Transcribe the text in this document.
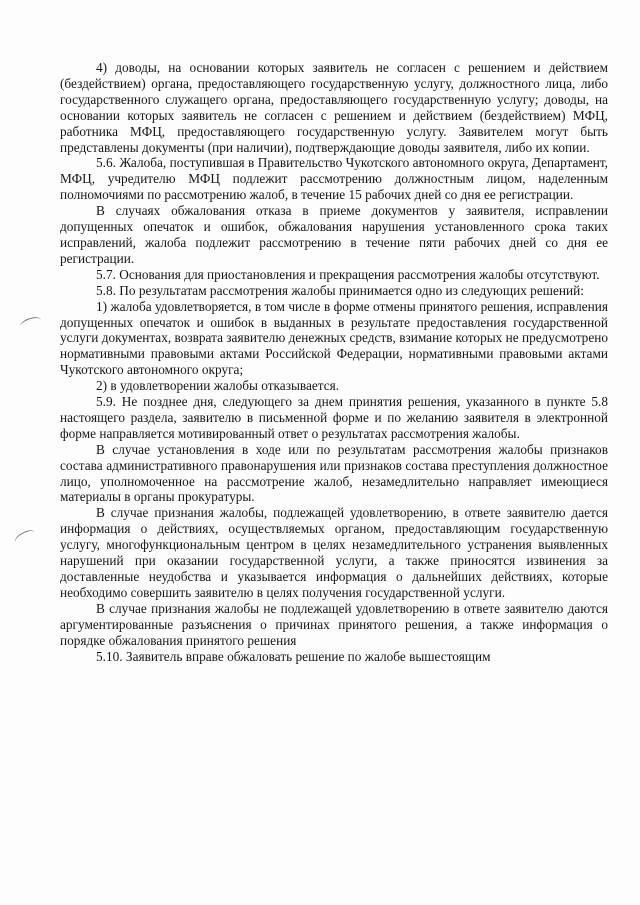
4) доводы, на основании которых заявитель не согласен с решением и действием (бездействием) органа, предоставляющего государственную услугу, должностного лица, либо государственного служащего органа, предоставляющего государственную услугу; доводы, на основании которых заявитель не согласен с решением и действием (бездействием) МФЦ, работника МФЦ, предоставляющего государственную услугу. Заявителем могут быть представлены документы (при наличии), подтверждающие доводы заявителя, либо их копии.

5.6. Жалоба, поступившая в Правительство Чукотского автономного округа, Департамент, МФЦ, учредителю МФЦ подлежит рассмотрению должностным лицом, наделенным полномочиями по рассмотрению жалоб, в течение 15 рабочих дней со дня ее регистрации.

В случаях обжалования отказа в приеме документов у заявителя, исправлении допущенных опечаток и ошибок, обжалования нарушения установленного срока таких исправлений, жалоба подлежит рассмотрению в течение пяти рабочих дней со дня ее регистрации.

5.7. Основания для приостановления и прекращения рассмотрения жалобы отсутствуют.

5.8. По результатам рассмотрения жалобы принимается одно из следующих решений:

1) жалоба удовлетворяется, в том числе в форме отмены принятого решения, исправления допущенных опечаток и ошибок в выданных в результате предоставления государственной услуги документах, возврата заявителю денежных средств, взимание которых не предусмотрено нормативными правовыми актами Российской Федерации, нормативными правовыми актами Чукотского автономного округа;

2) в удовлетворении жалобы отказывается.

5.9. Не позднее дня, следующего за днем принятия решения, указанного в пункте 5.8 настоящего раздела, заявителю в письменной форме и по желанию заявителя в электронной форме направляется мотивированный ответ о результатах рассмотрения жалобы.

В случае установления в ходе или по результатам рассмотрения жалобы признаков состава административного правонарушения или признаков состава преступления должностное лицо, уполномоченное на рассмотрение жалоб, незамедлительно направляет имеющиеся материалы в органы прокуратуры.

В случае признания жалобы, подлежащей удовлетворению, в ответе заявителю дается информация о действиях, осуществляемых органом, предоставляющим государственную услугу, многофункциональным центром в целях незамедлительного устранения выявленных нарушений при оказании государственной услуги, а также приносятся извинения за доставленные неудобства и указывается информация о дальнейших действиях, которые необходимо совершить заявителю в целях получения государственной услуги.

В случае признания жалобы не подлежащей удовлетворению в ответе заявителю даются аргументированные разъяснения о причинах принятого решения, а также информация о порядке обжалования принятого решения

5.10. Заявитель вправе обжаловать решение по жалобе вышестоящим
